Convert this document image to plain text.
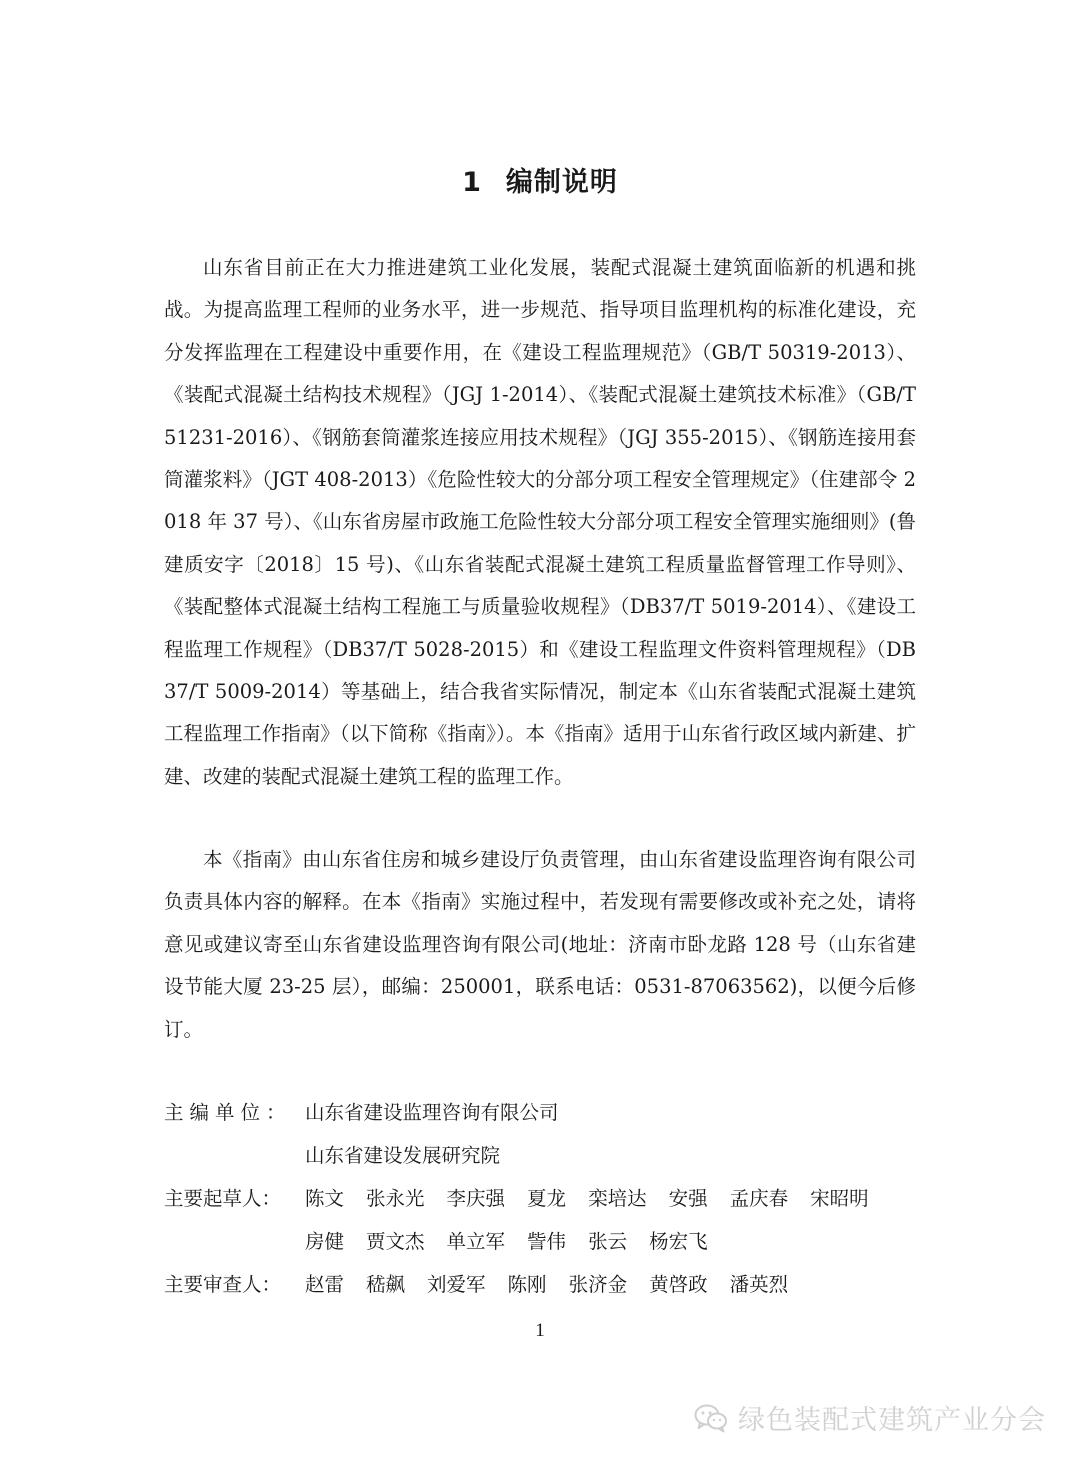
1 编制说明

山东省目前正在大力推进建筑工业化发展，装配式混凝土建筑面临新的机遇和挑战。为提高监理工程师的业务水平，进一步规范、指导项目监理机构的标准化建设，充分发挥监理在工程建设中重要作用，在《建设工程监理规范》（GB/T 50319-2013）、《装配式混凝土结构技术规程》（JGJ 1-2014）、《装配式混凝土建筑技术标准》（GB/T 51231-2016）、《钢筋套筒灌浆连接应用技术规程》（JGJ 355-2015）、《钢筋连接用套筒灌浆料》（JGT 408-2013）《危险性较大的分部分项工程安全管理规定》（住建部令 2018 年 37 号）、《山东省房屋市政施工危险性较大分部分项工程安全管理实施细则》(鲁建质安字〔2018〕15 号)、《山东省装配式混凝土建筑工程质量监督管理工作导则》、《装配整体式混凝土结构工程施工与质量验收规程》（DB37/T 5019-2014）、《建设工程监理工作规程》（DB37/T 5028-2015）和《建设工程监理文件资料管理规程》（DB37/T 5009-2014）等基础上，结合我省实际情况，制定本《山东省装配式混凝土建筑工程监理工作指南》（以下简称《指南》）。本《指南》适用于山东省行政区域内新建、扩建、改建的装配式混凝土建筑工程的监理工作。

本《指南》由山东省住房和城乡建设厅负责管理，由山东省建设监理咨询有限公司负责具体内容的解释。在本《指南》实施过程中，若发现有需要修改或补充之处，请将意见或建议寄至山东省建设监理咨询有限公司(地址：济南市卧龙路 128 号（山东省建设节能大厦 23-25 层），邮编：250001，联系电话：0531-87063562)，以便今后修订。

主编单位： 山东省建设监理咨询有限公司
山东省建设发展研究院
主要起草人：	陈文 张永光 李庆强 夏龙 栾培达 安强 孟庆春 宋昭明
房健 贾文杰 单立军 訾伟 张云 杨宏飞
主要审查人：	赵雷 嵇飙 刘爱军 陈刚 张济金 黄啓政 潘英烈
1
绿色装配式建筑产业分会
